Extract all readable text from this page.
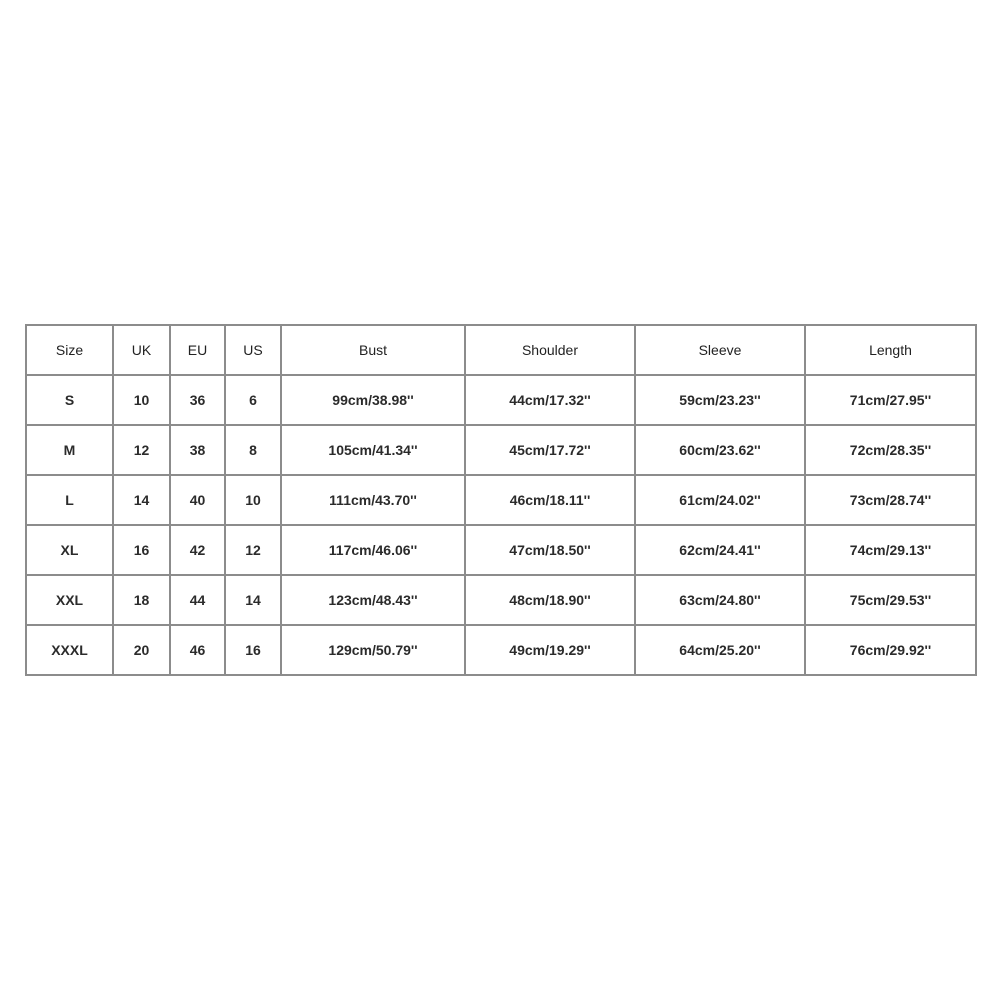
Size	UK	EU	US	Bust	Shoulder	Sleeve	Length
S	10	36	6	99cm/38.98''	44cm/17.32''	59cm/23.23''	71cm/27.95''
M	12	38	8	105cm/41.34''	45cm/17.72''	60cm/23.62''	72cm/28.35''
L	14	40	10	111cm/43.70''	46cm/18.11''	61cm/24.02''	73cm/28.74''
XL	16	42	12	117cm/46.06''	47cm/18.50''	62cm/24.41''	74cm/29.13''
XXL	18	44	14	123cm/48.43''	48cm/18.90''	63cm/24.80''	75cm/29.53''
XXXL	20	46	16	129cm/50.79''	49cm/19.29''	64cm/25.20''	76cm/29.92''
